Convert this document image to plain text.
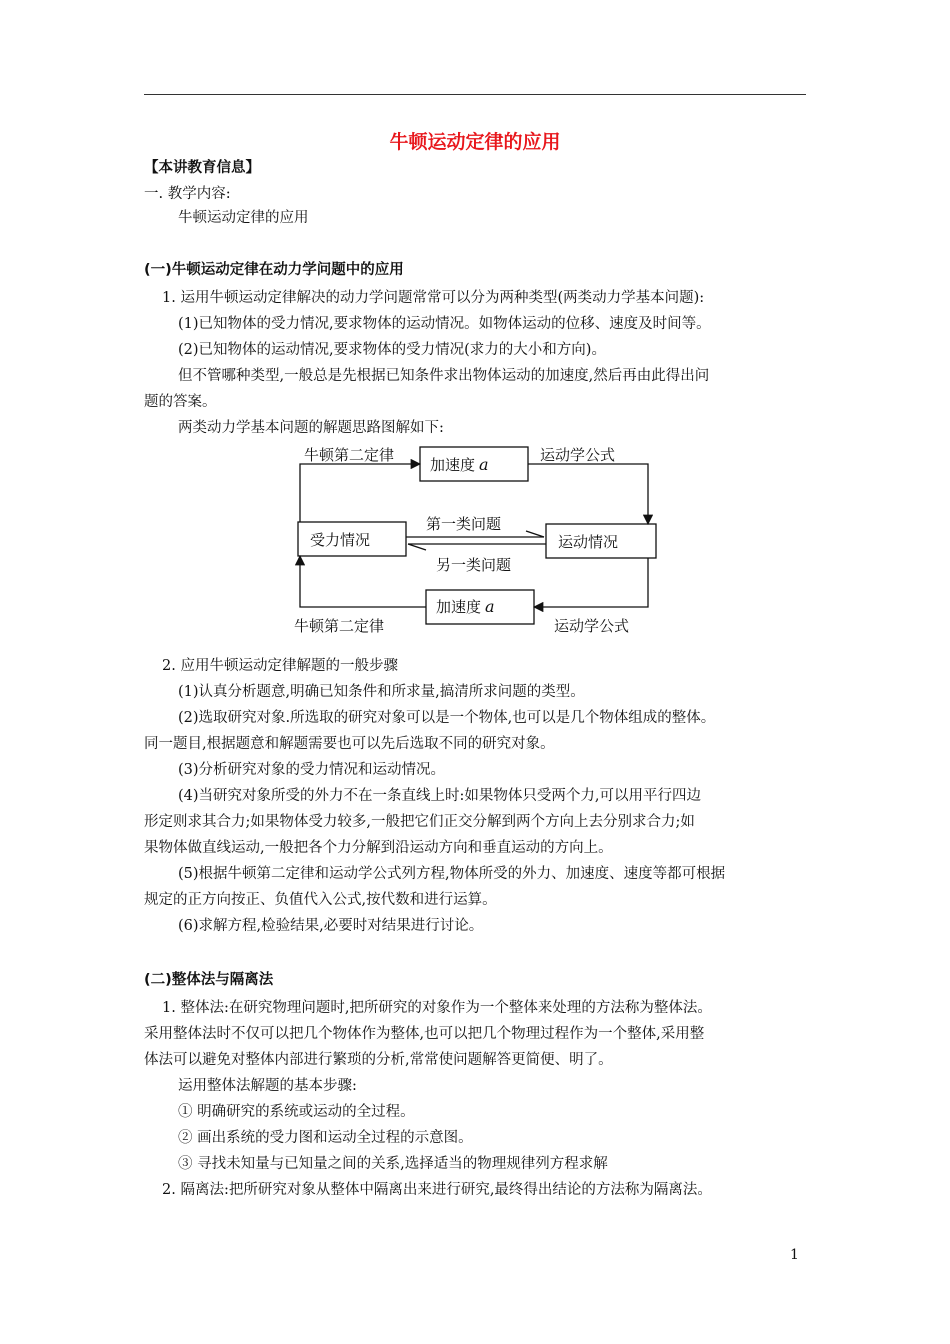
牛顿运动定律的应用
【本讲教育信息】
一. 教学内容:
牛顿运动定律的应用
(一)牛顿运动定律在动力学问题中的应用
1. 运用牛顿运动定律解决的动力学问题常常可以分为两种类型(两类动力学基本问题):
(1)已知物体的受力情况,要求物体的运动情况。如物体运动的位移、速度及时间等。
(2)已知物体的运动情况,要求物体的受力情况(求力的大小和方向)。
但不管哪种类型,一般总是先根据已知条件求出物体运动的加速度,然后再由此得出问
题的答案。
两类动力学基本问题的解题思路图解如下:
牛顿第二定律
加速度 a	运动学公式
受力情况	运动情况
第一类问题
另一类问题
加速度 a
牛顿第二定律	运动学公式
2. 应用牛顿运动定律解题的一般步骤
(1)认真分析题意,明确已知条件和所求量,搞清所求问题的类型。
(2)选取研究对象.所选取的研究对象可以是一个物体,也可以是几个物体组成的整体。
同一题目,根据题意和解题需要也可以先后选取不同的研究对象。
(3)分析研究对象的受力情况和运动情况。
(4)当研究对象所受的外力不在一条直线上时:如果物体只受两个力,可以用平行四边
形定则求其合力;如果物体受力较多,一般把它们正交分解到两个方向上去分别求合力;如
果物体做直线运动,一般把各个力分解到沿运动方向和垂直运动的方向上。
(5)根据牛顿第二定律和运动学公式列方程,物体所受的外力、加速度、速度等都可根据
规定的正方向按正、负值代入公式,按代数和进行运算。
(6)求解方程,检验结果,必要时对结果进行讨论。
(二)整体法与隔离法
1. 整体法:在研究物理问题时,把所研究的对象作为一个整体来处理的方法称为整体法。
采用整体法时不仅可以把几个物体作为整体,也可以把几个物理过程作为一个整体,采用整
体法可以避免对整体内部进行繁琐的分析,常常使问题解答更简便、明了。
运用整体法解题的基本步骤:
① 明确研究的系统或运动的全过程。
② 画出系统的受力图和运动全过程的示意图。
③ 寻找未知量与已知量之间的关系,选择适当的物理规律列方程求解
2. 隔离法:把所研究对象从整体中隔离出来进行研究,最终得出结论的方法称为隔离法。
1
